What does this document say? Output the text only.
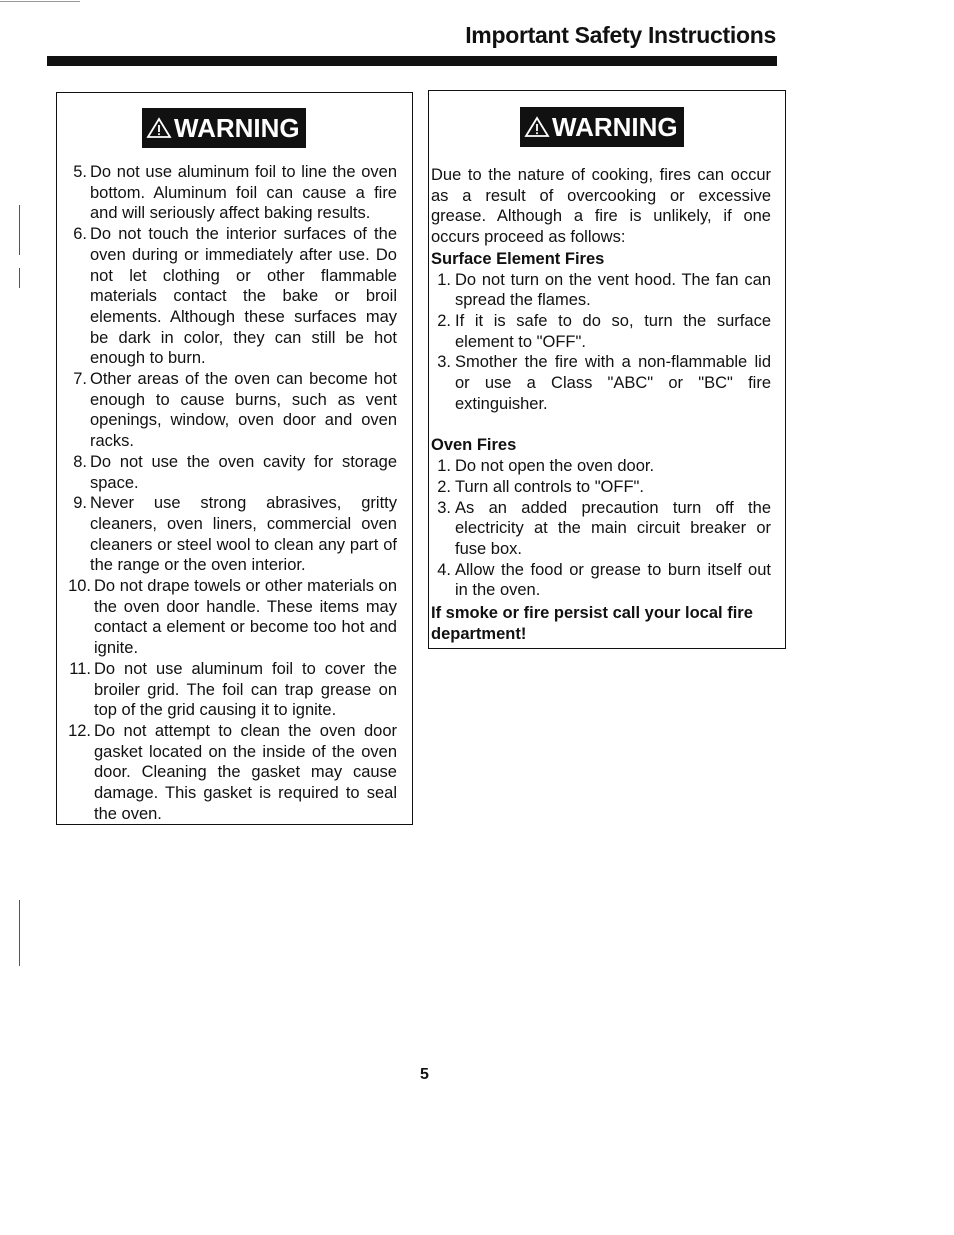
Important Safety Instructions
WARNING
5. Do not use aluminum foil to line the oven bottom. Aluminum foil can cause a fire and will seriously affect baking results.
6. Do not touch the interior surfaces of the oven during or immediately after use. Do not let clothing or other flammable materials contact the bake or broil elements. Although these surfaces may be dark in color, they can still be hot enough to burn.
7. Other areas of the oven can become hot enough to cause burns, such as vent openings, window, oven door and oven racks.
8. Do not use the oven cavity for storage space.
9. Never use strong abrasives, gritty cleaners, oven liners, commercial oven cleaners or steel wool to clean any part of the range or the oven interior.
10. Do not drape towels or other materials on the oven door handle. These items may contact a element or become too hot and ignite.
11. Do not use aluminum foil to cover the broiler grid. The foil can trap grease on top of the grid causing it to ignite.
12. Do not attempt to clean the oven door gasket located on the inside of the oven door. Cleaning the gasket may cause damage. This gasket is required to seal the oven.
WARNING
Due to the nature of cooking, fires can occur as a result of overcooking or excessive grease. Although a fire is unlikely, if one occurs proceed as follows:
Surface Element Fires
1. Do not turn on the vent hood. The fan can spread the flames.
2. If it is safe to do so, turn the surface element to "OFF".
3. Smother the fire with a non-flammable lid or use a Class "ABC" or "BC" fire extinguisher.
Oven Fires
1. Do not open the oven door.
2. Turn all controls to "OFF".
3. As an added precaution turn off the electricity at the main circuit breaker or fuse box.
4. Allow the food or grease to burn itself out in the oven.
If smoke or fire persist call your local fire department!
5
